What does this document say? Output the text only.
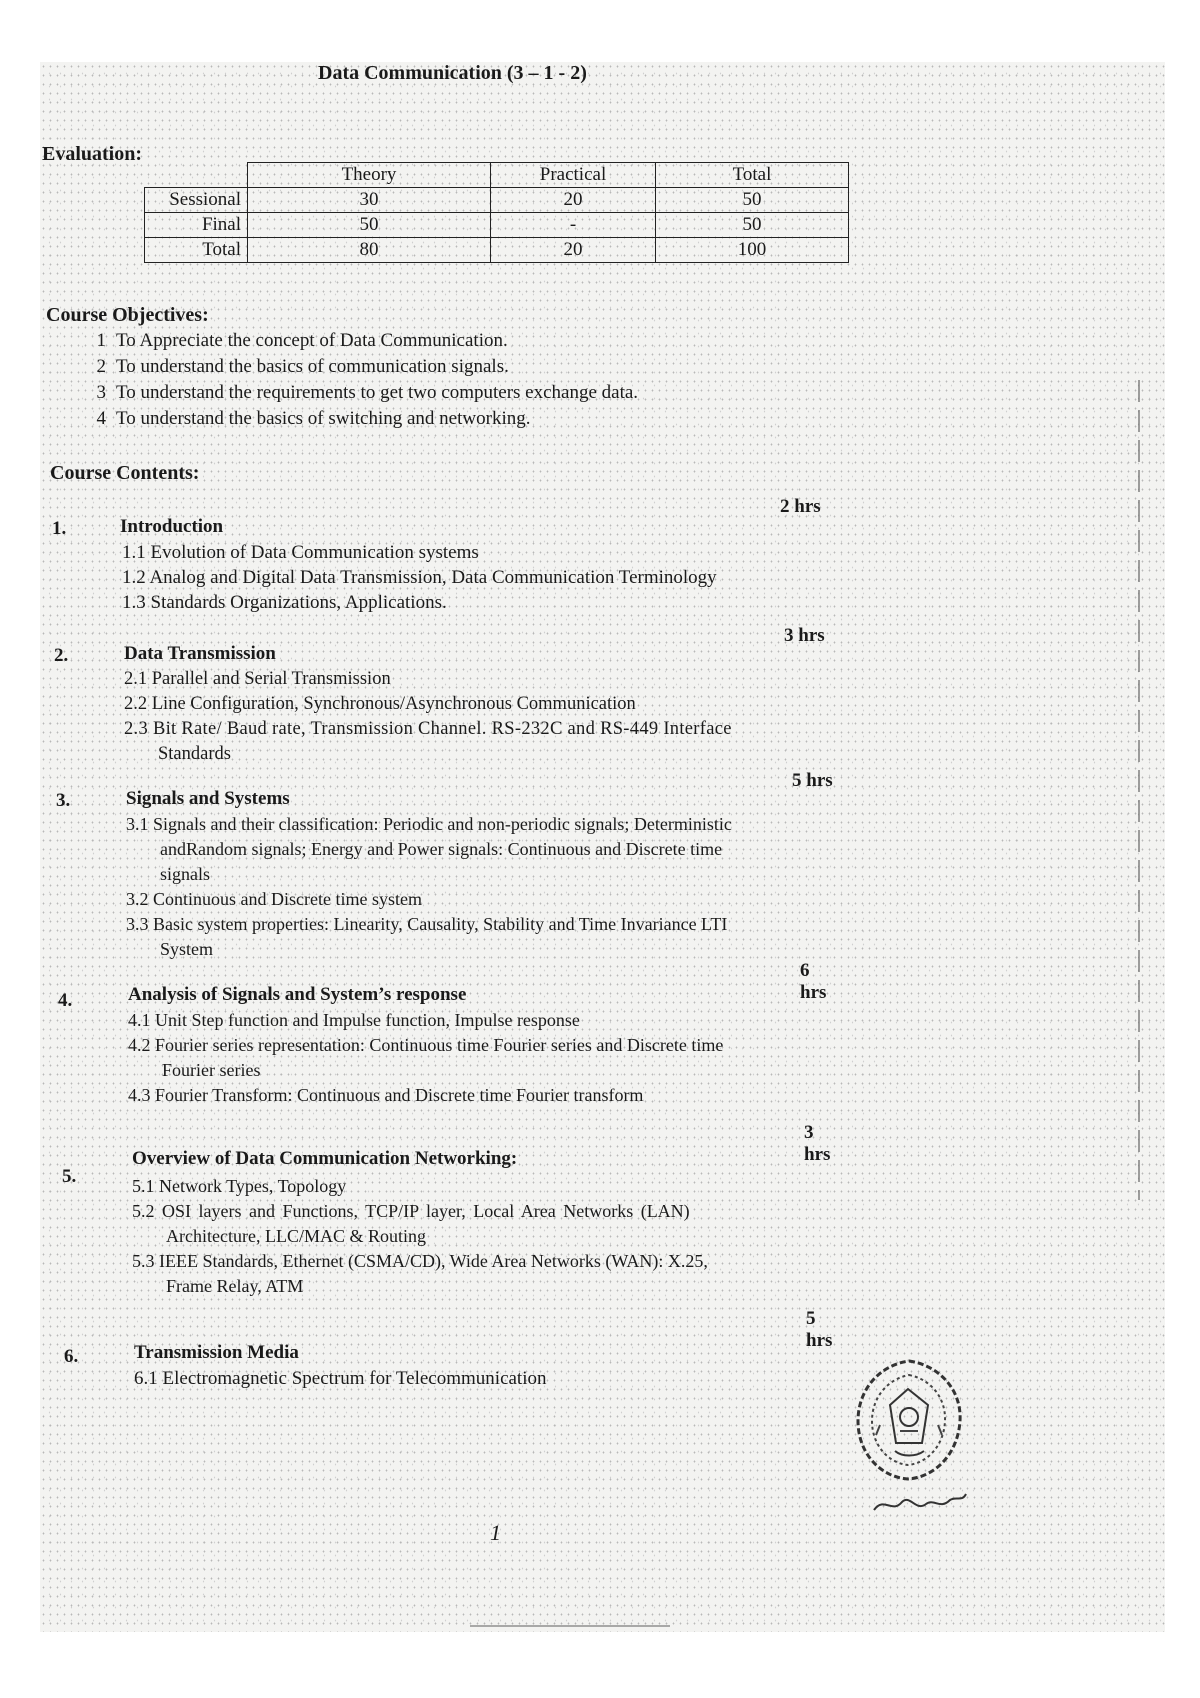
Data Communication (3 – 1 - 2)
Evaluation:
	Theory	Practical	Total
Sessional	30	20	50
Final	50	-	50
Total	80	20	100
Course Objectives:
1 To Appreciate the concept of Data Communication.
2 To understand the basics of communication signals.
3 To understand the requirements to get two computers exchange data.
4 To understand the basics of switching and networking.
Course Contents:
2 hrs
1.	Introduction
1.1 Evolution of Data Communication systems
1.2 Analog and Digital Data Transmission, Data Communication Terminology
1.3 Standards Organizations, Applications.
3 hrs
2.	Data Transmission
2.1 Parallel and Serial Transmission
2.2 Line Configuration, Synchronous/Asynchronous Communication
2.3 Bit Rate/ Baud rate, Transmission Channel. RS-232C and RS-449 Interface
Standards
5 hrs
3.	Signals and Systems
3.1 Signals and their classification: Periodic and non-periodic signals; Deterministic
andRandom signals; Energy and Power signals: Continuous and Discrete time
signals
3.2 Continuous and Discrete time system
3.3 Basic system properties: Linearity, Causality, Stability and Time Invariance LTI
System
6 hrs
4.	Analysis of Signals and System’s response
4.1 Unit Step function and Impulse function, Impulse response
4.2 Fourier series representation: Continuous time Fourier series and Discrete time
Fourier series
4.3 Fourier Transform: Continuous and Discrete time Fourier transform
3 hrs
5.
Overview of Data Communication Networking:
5.1 Network Types, Topology
5.2 OSI layers and Functions, TCP/IP layer, Local Area Networks (LAN)
Architecture, LLC/MAC & Routing
5.3 IEEE Standards, Ethernet (CSMA/CD), Wide Area Networks (WAN): X.25,
Frame Relay, ATM
5 hrs
6.	Transmission Media
6.1 Electromagnetic Spectrum for Telecommunication
1
